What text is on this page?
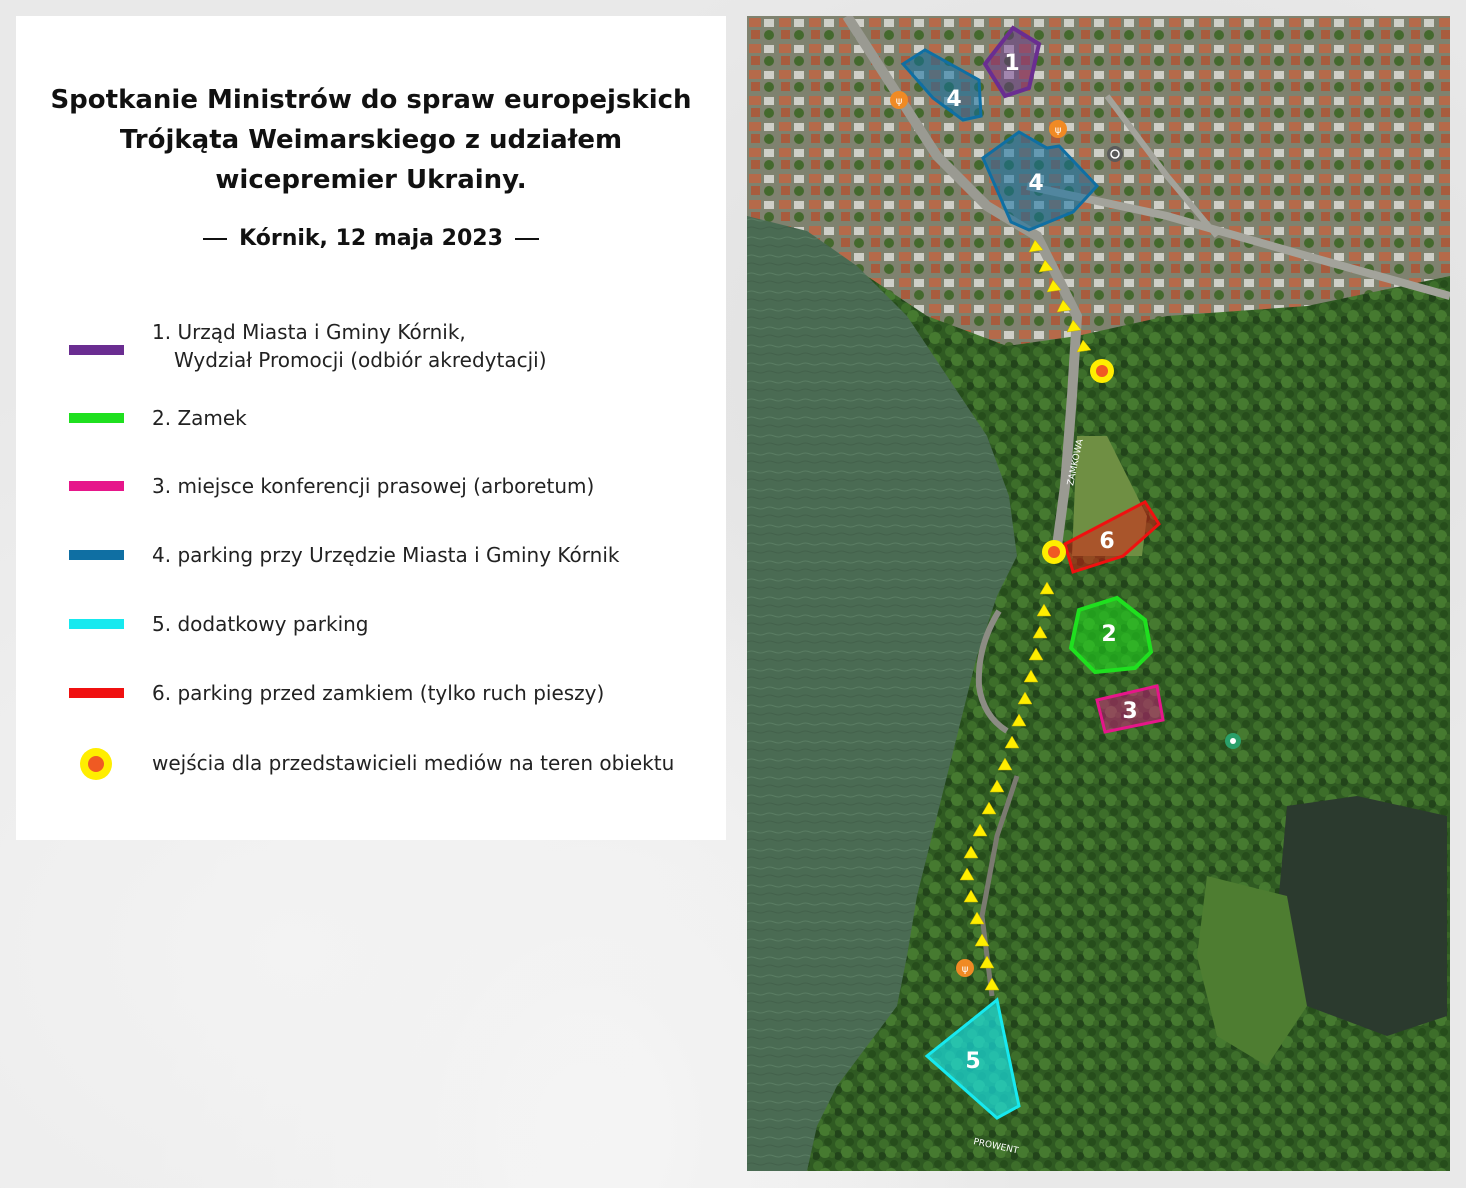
Spotkanie Ministrów do spraw europejskich
Trójkąta Weimarskiego z udziałem
wicepremier Ukrainy.
Kórnik, 12 maja 2023
1. Urząd Miasta i Gminy Kórnik,
Wydział Promocji (odbiór akredytacji)
2. Zamek
3. miejsce konferencji prasowej (arboretum)
4. parking przy Urzędzie Miasta i Gminy Kórnik
5. dodatkowy parking
6. parking przed zamkiem (tylko ruch pieszy)
wejścia dla przedstawicieli mediów na teren obiektu
1
4
4
6
2
3
5
ψ
ψ
ψ
ZAMKOWA
PROWENT
